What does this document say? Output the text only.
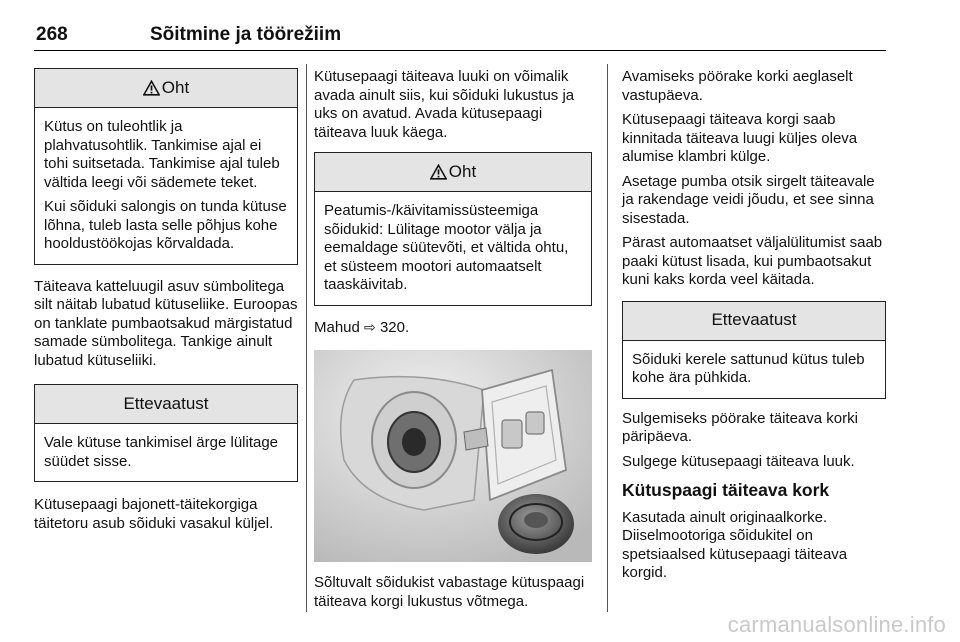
268	Sõitmine ja töörežiim
Oht

Kütus on tuleohtlik ja plahvatusohtlik. Tankimise ajal ei tohi suitsetada. Tankimise ajal tuleb vältida leegi või sädemete teket.

Kui sõiduki salongis on tunda kütuse lõhna, tuleb lasta selle põhjus kohe hooldustöökojas kõrvaldada.

Täiteava katteluugil asuv sümbolitega silt näitab lubatud kütuseliike. Euroopas on tanklate pumbaotsakud märgistatud samade sümbolitega. Tankige ainult lubatud kütuseliiki.

Ettevaatust

Vale kütuse tankimisel ärge lülitage süüdet sisse.

Kütusepaagi bajonett-täitekorgiga täitetoru asub sõiduki vasakul küljel.

Kütusepaagi täiteava luuki on võimalik avada ainult siis, kui sõiduki lukustus ja uks on avatud. Avada kütusepaagi täiteava luuk käega.

Oht

Peatumis-/käivitamissüsteemiga sõidukid: Lülitage mootor välja ja eemaldage süütevõti, et vältida ohtu, et süsteem mootori automaatselt taaskäivitab.

Mahud ⇨ 320.

Sõltuvalt sõidukist vabastage kütuspaagi täiteava korgi lukustus võtmega.

Avamiseks pöörake korki aeglaselt vastupäeva.

Kütusepaagi täiteava korgi saab kinnitada täiteava luugi küljes oleva alumise klambri külge.

Asetage pumba otsik sirgelt täiteavale ja rakendage veidi jõudu, et see sinna sisestada.

Pärast automaatset väljalülitumist saab paaki kütust lisada, kui pumbaotsakut kuni kaks korda veel käitada.

Ettevaatust

Sõiduki kerele sattunud kütus tuleb kohe ära pühkida.

Sulgemiseks pöörake täiteava korki päripäeva.

Sulgege kütusepaagi täiteava luuk.

Kütuspaagi täiteava kork

Kasutada ainult originaalkorke. Diiselmootoriga sõidukitel on spetsiaalsed kütusepaagi täiteava korgid.

carmanualsonline.info
